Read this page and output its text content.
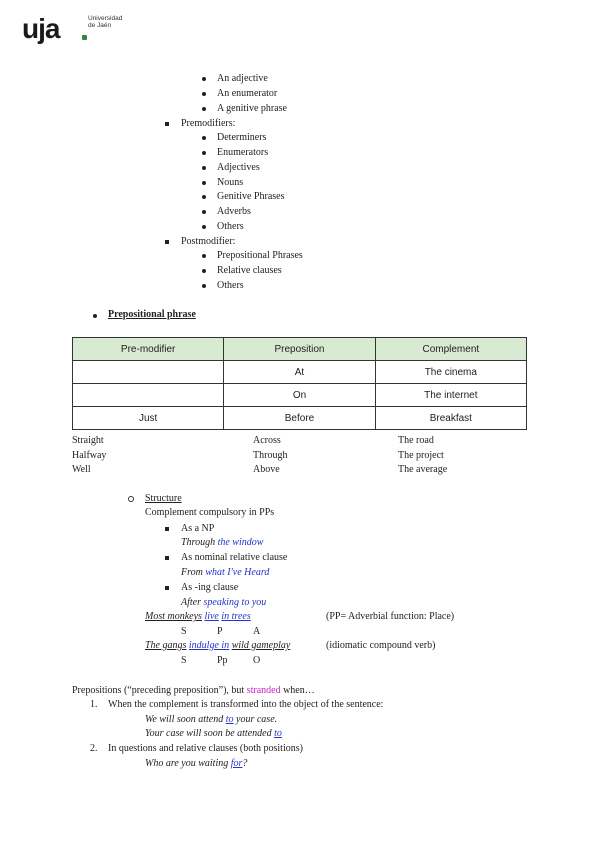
uja	Universidad
de Jaén
An adjective
An enumerator
A genitive phrase
Premodifiers:
Determiners
Enumerators
Adjectives
Nouns
Genitive Phrases
Adverbs
Others
Postmodifier:
Prepositional Phrases
Relative clauses
Others
Prepositional phrase
Pre-modifier	Preposition	Complement
	At	The cinema
	On	The internet
Just	Before	Breakfast
Straight	Across	The road
Halfway	Through	The project
Well	Above	The average
Structure
Complement compulsory in PPs
As a NP
Through the window
As nominal relative clause
From what I've Heard
As -ing clause
After speaking to you
Most monkeys live in trees	(PP= Adverbial function: Place)
S	P	A
The gangs indulge in wild gameplay	(idiomatic compound verb)
S	Pp	O
Prepositions (“preceding preposition”), but stranded when…
1. When the complement is transformed into the object of the sentence:
We will soon attend to your case.
Your case will soon be attended to
2. In questions and relative clauses (both positions)
Who are you waiting for?
